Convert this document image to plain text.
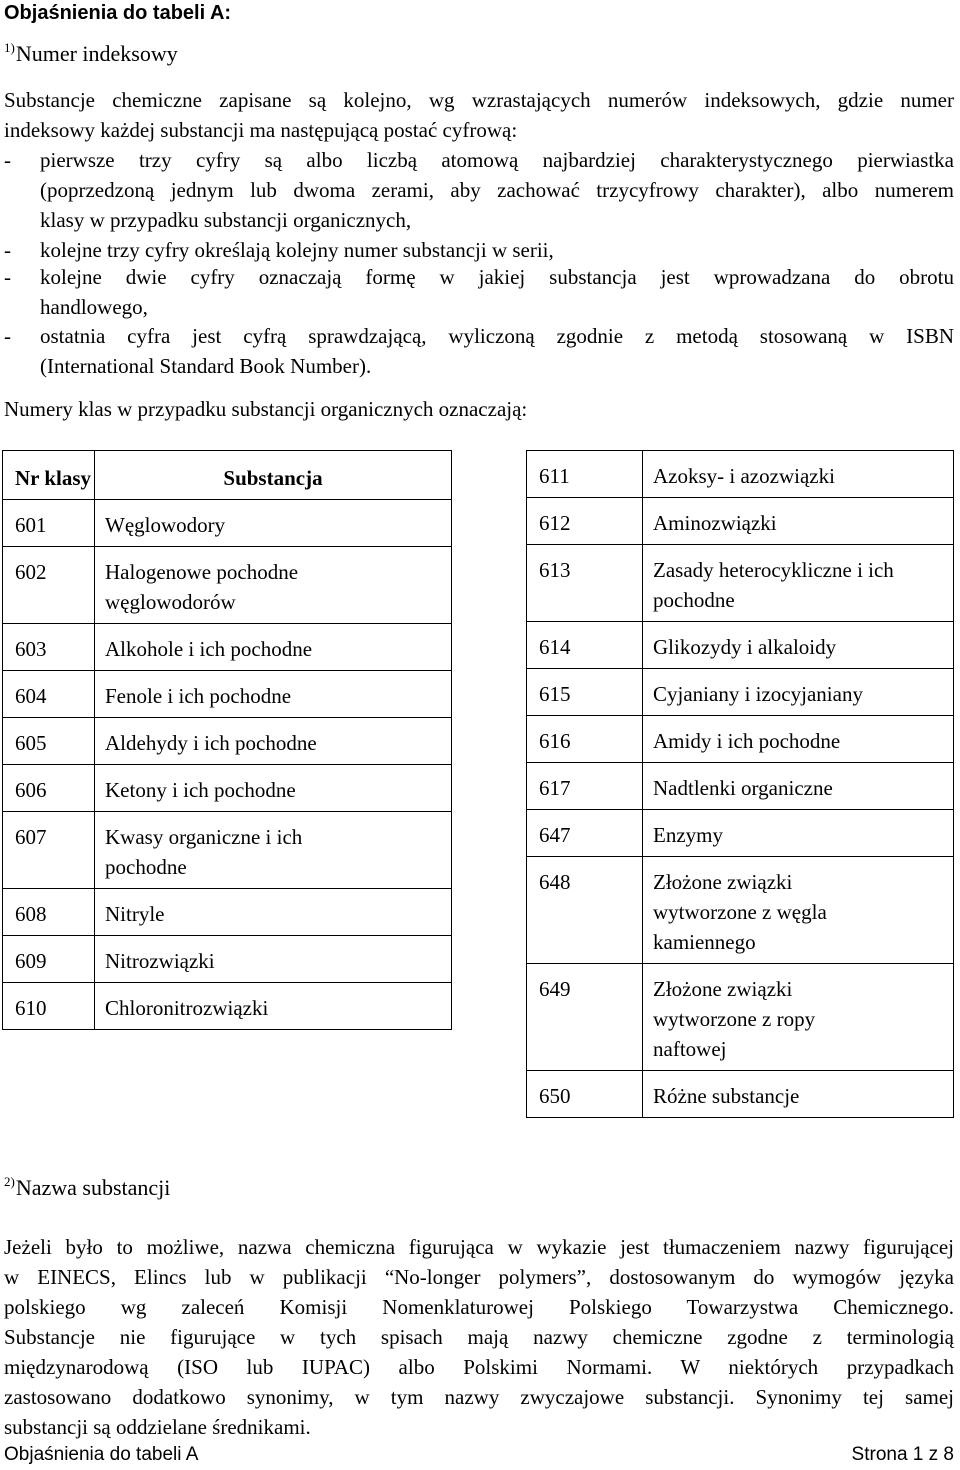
Objaśnienia do tabeli A:
$^{1)}$Numer indeksowy
Substancje chemiczne zapisane są kolejno, wg wzrastających numerów indeksowych, gdzie numer
indeksowy każdej substancji ma następującą postać cyfrową:
- pierwsze trzy cyfry są albo liczbą atomową najbardziej charakterystycznego pierwiastka
(poprzedzoną jednym lub dwoma zerami, aby zachować trzycyfrowy charakter), albo numerem
klasy w przypadku substancji organicznych,
- kolejne trzy cyfry określają kolejny numer substancji w serii,
- kolejne dwie cyfry oznaczają formę w jakiej substancja jest wprowadzana do obrotu
handlowego,
- ostatnia cyfra jest cyfrą sprawdzającą, wyliczoną zgodnie z metodą stosowaną w ISBN
(International Standard Book Number).
Numery klas w przypadku substancji organicznych oznaczają:
Nr klasy	Substancja
601	Węglowodory

602	Halogenowe pochodne
węglowodorów

603	Alkohole i ich pochodne

604	Fenole i ich pochodne

605	Aldehydy i ich pochodne

606	Ketony i ich pochodne

607	Kwasy organiczne i ich
pochodne

608	Nitryle

609	Nitrozwiązki

610	Chloronitrozwiązki
611	Azoksy- i azozwiązki

612	Aminozwiązki

613	Zasady heterocykliczne i ich
pochodne

614	Glikozydy i alkaloidy

615	Cyjaniany i izocyjaniany

616	Amidy i ich pochodne

617	Nadtlenki organiczne

647	Enzymy

648	Złożone związki
wytworzone z węgla
kamiennego

649	Złożone związki
wytworzone z ropy
naftowej

650	Różne substancje
$^{2)}$Nazwa substancji
Jeżeli było to możliwe, nazwa chemiczna figurująca w wykazie jest tłumaczeniem nazwy figurującej
w EINECS, Elincs lub w publikacji “No-longer polymers”, dostosowanym do wymogów języka
polskiego wg zaleceń Komisji Nomenklaturowej Polskiego Towarzystwa Chemicznego.
Substancje nie figurujące w tych spisach mają nazwy chemiczne zgodne z terminologią
międzynarodową (ISO lub IUPAC) albo Polskimi Normami. W niektórych przypadkach
zastosowano dodatkowo synonimy, w tym nazwy zwyczajowe substancji. Synonimy tej samej
substancji są oddzielane średnikami.
Objaśnienia do tabeli A	Strona 1 z 8
